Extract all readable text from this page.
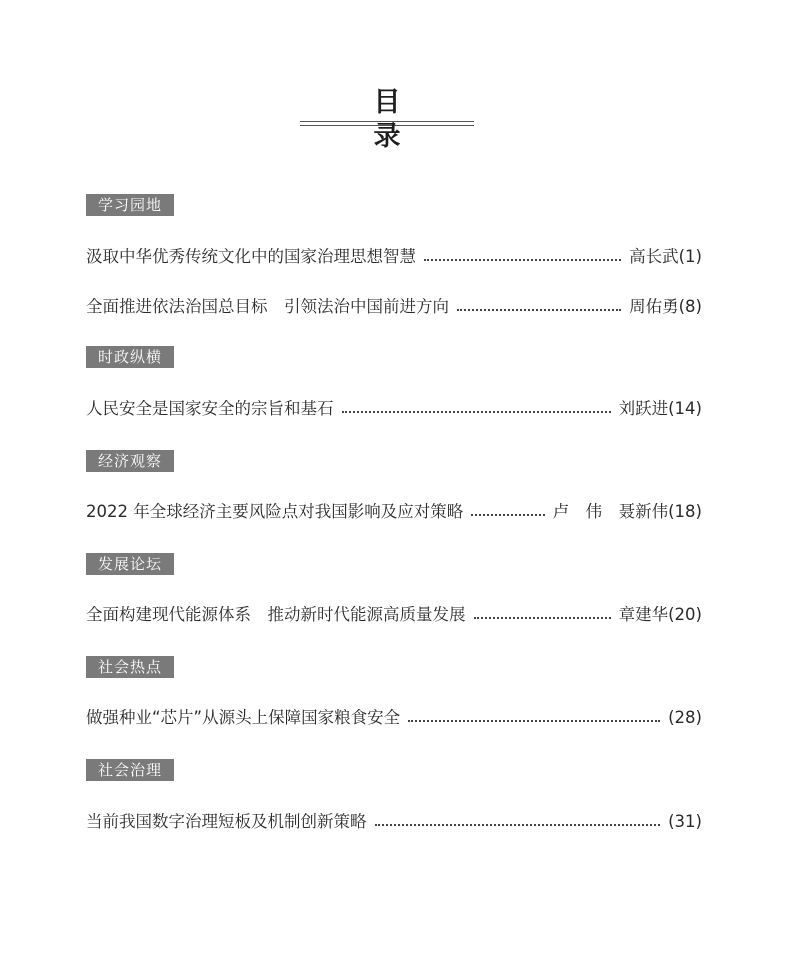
目　录
学习园地
汲取中华优秀传统文化中的国家治理思想智慧	高长武 (1)
全面推进依法治国总目标　引领法治中国前进方向	周佑勇 (8)
时政纵横
人民安全是国家安全的宗旨和基石	刘跃进 (14)
经济观察
2022 年全球经济主要风险点对我国影响及应对策略	卢　伟　聂新伟 (18)
发展论坛
全面构建现代能源体系　推动新时代能源高质量发展	章建华 (20)
社会热点
做强种业“芯片”从源头上保障国家粮食安全	(28)
社会治理
当前我国数字治理短板及机制创新策略	(31)
